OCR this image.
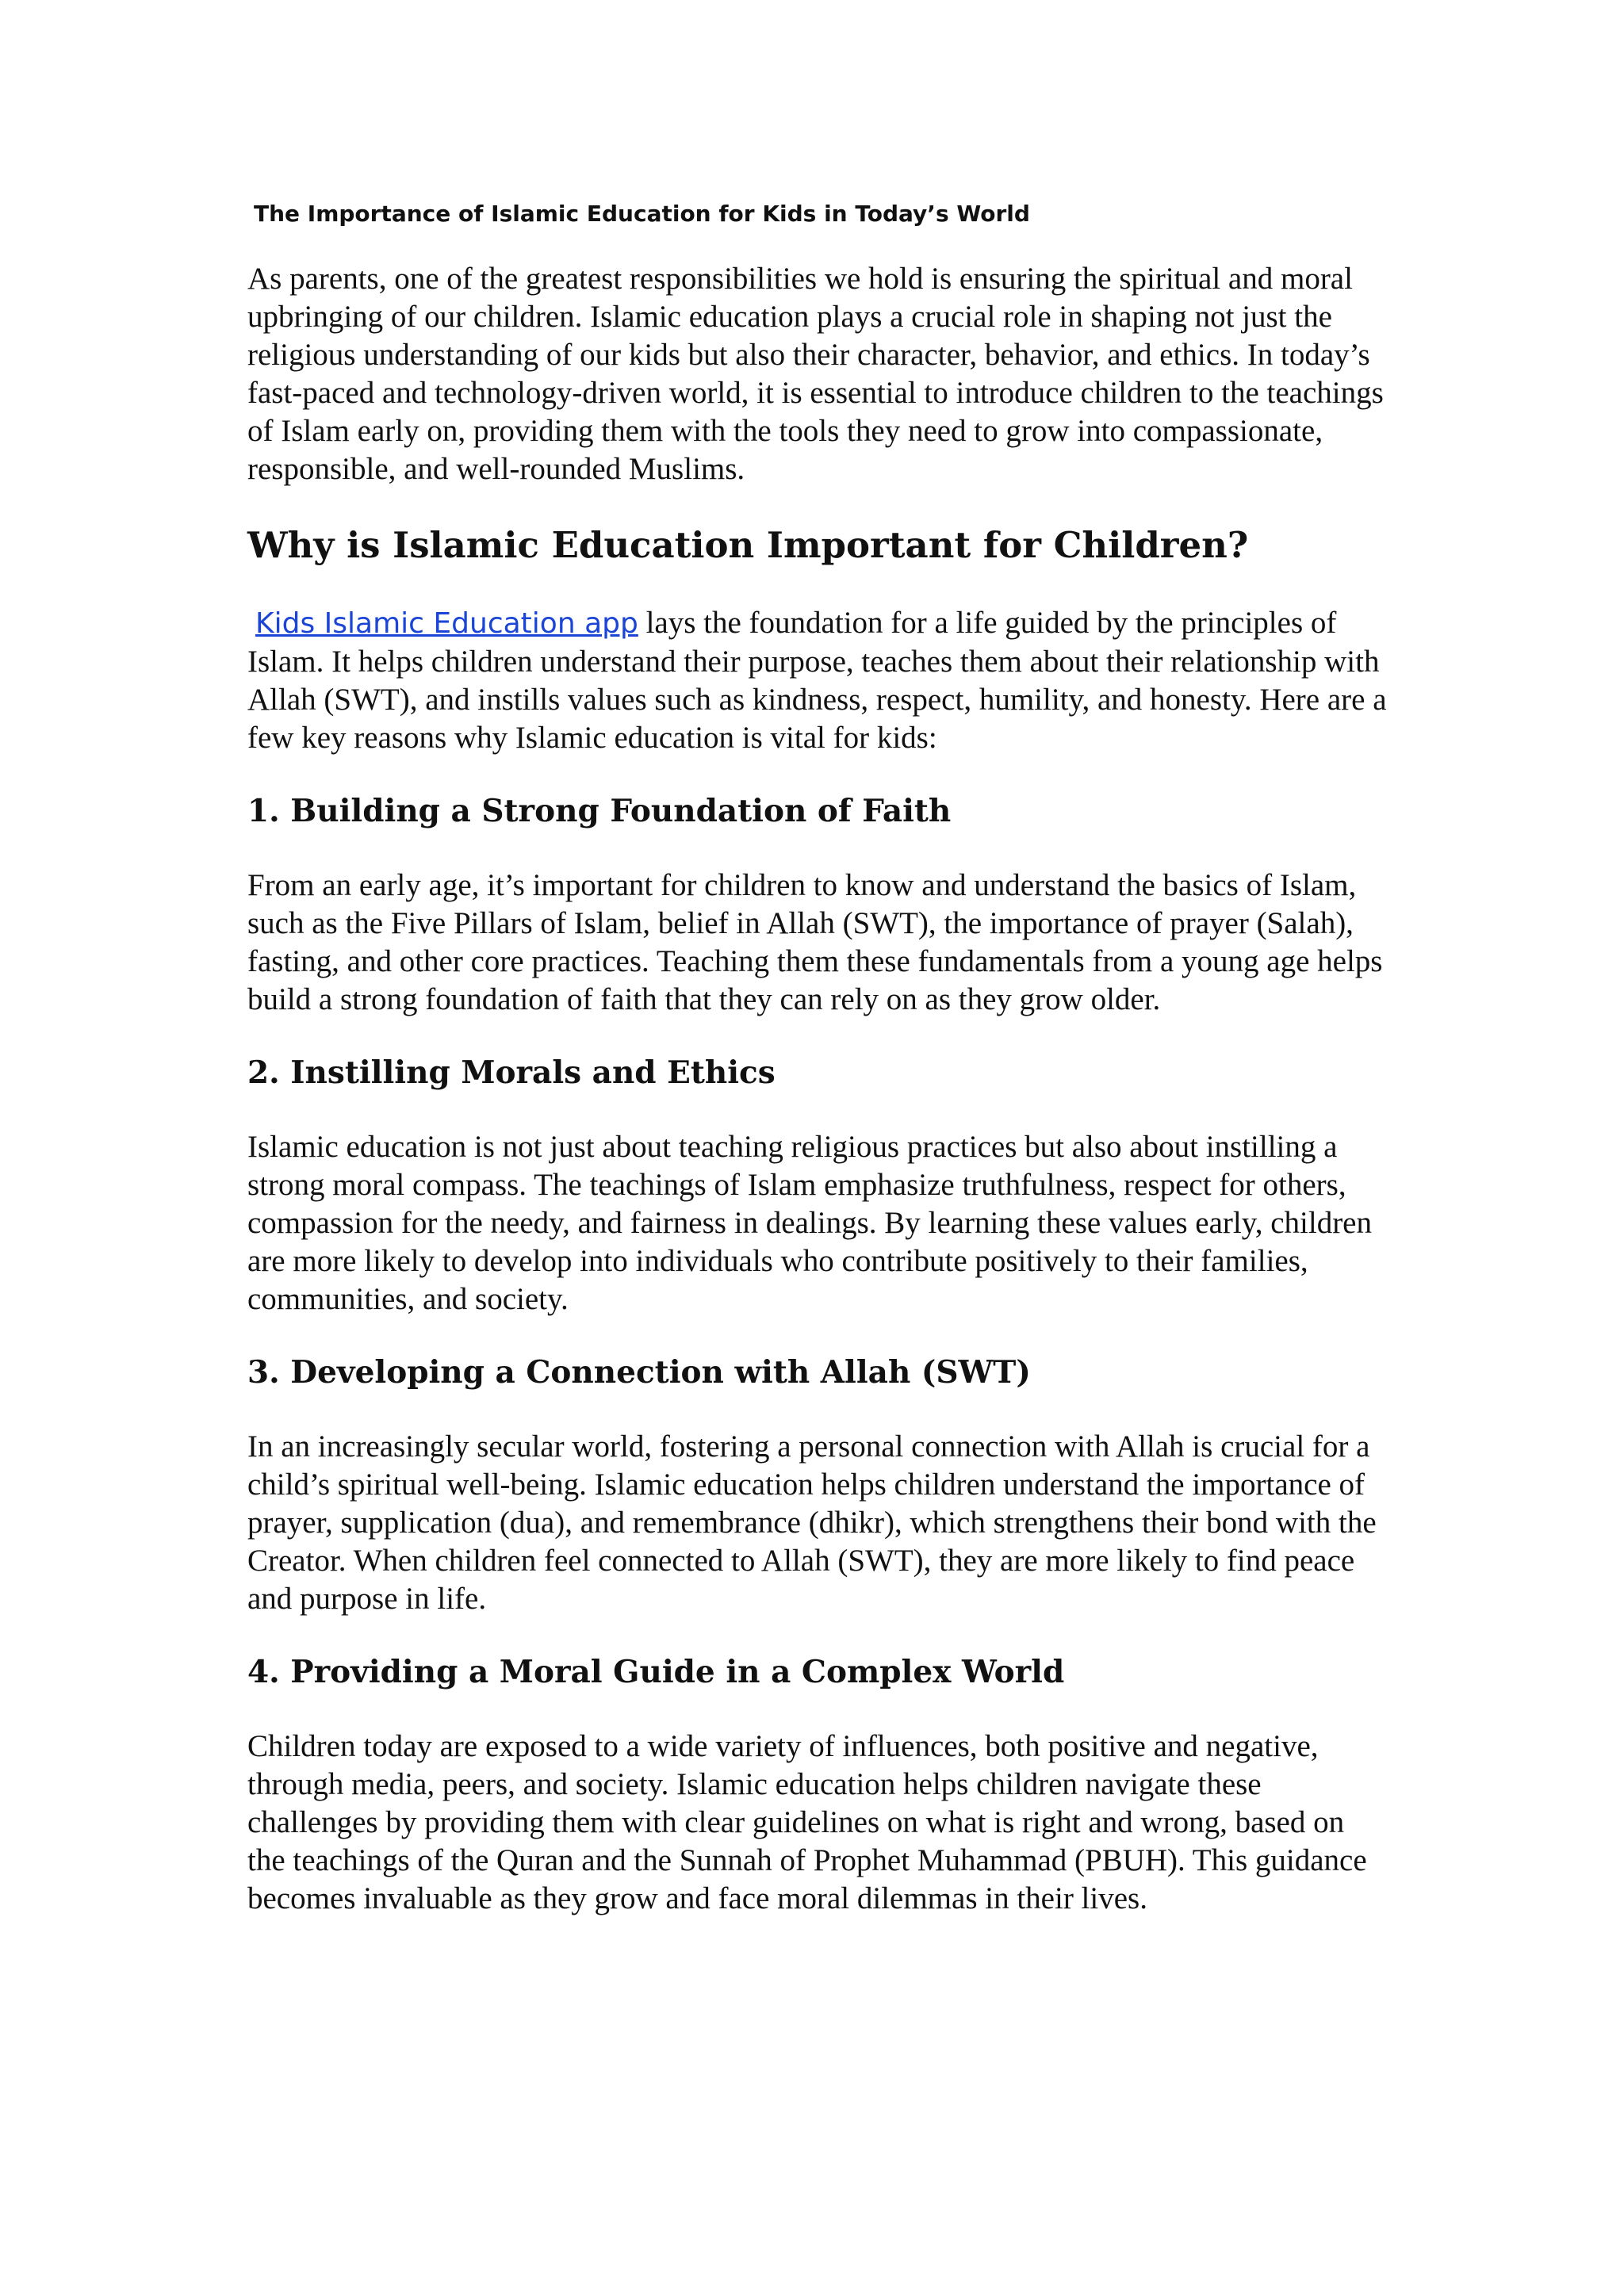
The Importance of Islamic Education for Kids in Today’s World

As parents, one of the greatest responsibilities we hold is ensuring the spiritual and moral upbringing of our children. Islamic education plays a crucial role in shaping not just the religious understanding of our kids but also their character, behavior, and ethics. In today’s fast-paced and technology-driven world, it is essential to introduce children to the teachings of Islam early on, providing them with the tools they need to grow into compassionate, responsible, and well-rounded Muslims.

Why is Islamic Education Important for Children?

Kids Islamic Education app lays the foundation for a life guided by the principles of Islam. It helps children understand their purpose, teaches them about their relationship with Allah (SWT), and instills values such as kindness, respect, humility, and honesty. Here are a few key reasons why Islamic education is vital for kids:

1. Building a Strong Foundation of Faith

From an early age, it’s important for children to know and understand the basics of Islam, such as the Five Pillars of Islam, belief in Allah (SWT), the importance of prayer (Salah), fasting, and other core practices. Teaching them these fundamentals from a young age helps build a strong foundation of faith that they can rely on as they grow older.

2. Instilling Morals and Ethics

Islamic education is not just about teaching religious practices but also about instilling a strong moral compass. The teachings of Islam emphasize truthfulness, respect for others, compassion for the needy, and fairness in dealings. By learning these values early, children are more likely to develop into individuals who contribute positively to their families, communities, and society.

3. Developing a Connection with Allah (SWT)

In an increasingly secular world, fostering a personal connection with Allah is crucial for a child’s spiritual well-being. Islamic education helps children understand the importance of prayer, supplication (dua), and remembrance (dhikr), which strengthens their bond with the Creator. When children feel connected to Allah (SWT), they are more likely to find peace and purpose in life.

4. Providing a Moral Guide in a Complex World

Children today are exposed to a wide variety of influences, both positive and negative, through media, peers, and society. Islamic education helps children navigate these challenges by providing them with clear guidelines on what is right and wrong, based on the teachings of the Quran and the Sunnah of Prophet Muhammad (PBUH). This guidance becomes invaluable as they grow and face moral dilemmas in their lives.
